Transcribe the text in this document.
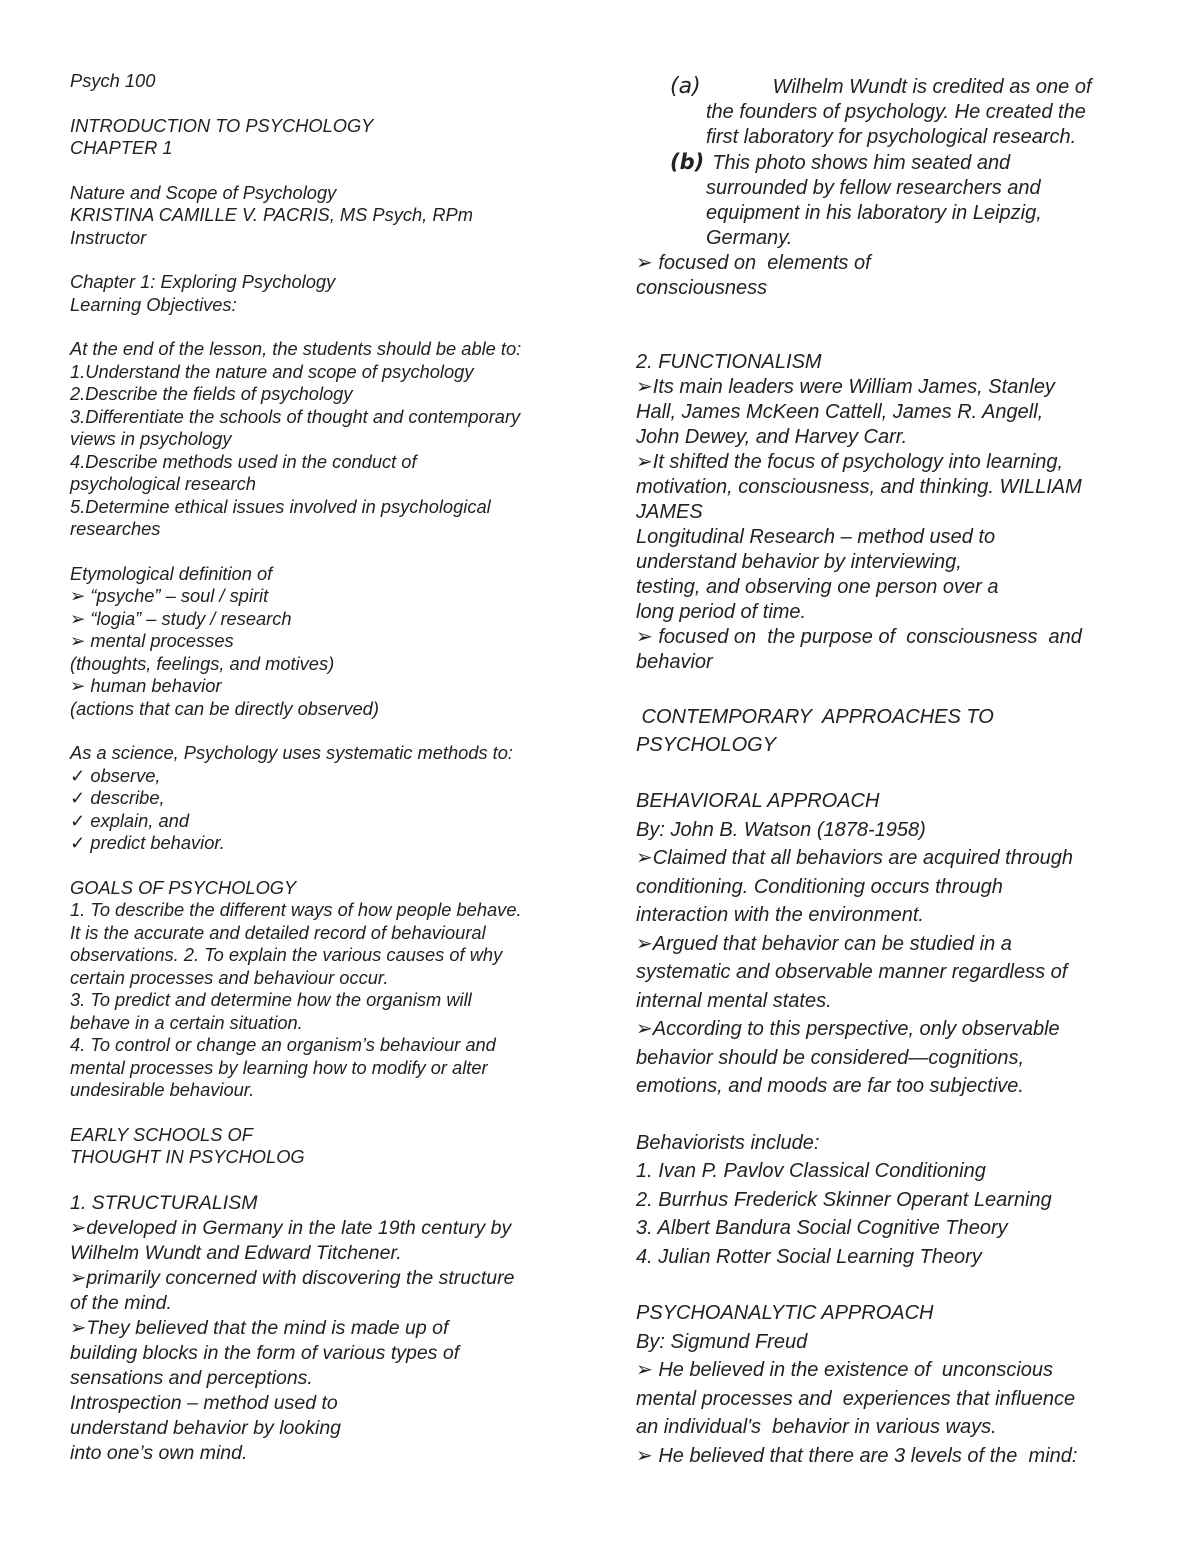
Psych 100
INTRODUCTION TO PSYCHOLOGY
CHAPTER 1
Nature and Scope of Psychology
KRISTINA CAMILLE V. PACRIS, MS Psych, RPm
Instructor
Chapter 1: Exploring Psychology
Learning Objectives:
At the end of the lesson, the students should be able to:
1.Understand the nature and scope of psychology
2.Describe the fields of psychology
3.Differentiate the schools of thought and contemporary
views in psychology
4.Describe methods used in the conduct of
psychological research
5.Determine ethical issues involved in psychological
researches
Etymological definition of
➢ “psyche” – soul / spirit
➢ “logia” – study / research
➢ mental processes
(thoughts, feelings, and motives)
➢ human behavior
(actions that can be directly observed)
As a science, Psychology uses systematic methods to:
✓ observe,
✓ describe,
✓ explain, and
✓ predict behavior.
GOALS OF PSYCHOLOGY
1. To describe the different ways of how people behave.
It is the accurate and detailed record of behavioural
observations. 2. To explain the various causes of why
certain processes and behaviour occur.
3. To predict and determine how the organism will
behave in a certain situation.
4. To control or change an organism’s behaviour and
mental processes by learning how to modify or alter
undesirable behaviour.
EARLY SCHOOLS OF
THOUGHT IN PSYCHOLOG
1. STRUCTURALISM
➢developed in Germany in the late 19th century by
Wilhelm Wundt and Edward Titchener.
➢primarily concerned with discovering the structure
of the mind.
➢They believed that the mind is made up of
building blocks in the form of various types of
sensations and perceptions.
Introspection – method used to
understand behavior by looking
into one’s own mind.
(a)	Wilhelm Wundt is credited as one of
the founders of psychology. He created the
first laboratory for psychological research.
(b) This photo shows him seated and
surrounded by fellow researchers and
equipment in his laboratory in Leipzig,
Germany.
➢ focused on  elements of
consciousness
2. FUNCTIONALISM
➢Its main leaders were William James, Stanley
Hall, James McKeen Cattell, James R. Angell,
John Dewey, and Harvey Carr.
➢It shifted the focus of psychology into learning,
motivation, consciousness, and thinking. WILLIAM
JAMES
Longitudinal Research – method used to
understand behavior by interviewing,
testing, and observing one person over a
long period of time.
➢ focused on  the purpose of  consciousness  and
behavior
CONTEMPORARY  APPROACHES TO
PSYCHOLOGY
BEHAVIORAL APPROACH
By: John B. Watson (1878-1958)
➢Claimed that all behaviors are acquired through
conditioning. Conditioning occurs through
interaction with the environment.
➢Argued that behavior can be studied in a
systematic and observable manner regardless of
internal mental states.
➢According to this perspective, only observable
behavior should be considered—cognitions,
emotions, and moods are far too subjective.
Behaviorists include:
1. Ivan P. Pavlov Classical Conditioning
2. Burrhus Frederick Skinner Operant Learning
3. Albert Bandura Social Cognitive Theory
4. Julian Rotter Social Learning Theory
PSYCHOANALYTIC APPROACH
By: Sigmund Freud
➢ He believed in the existence of  unconscious
mental processes and  experiences that influence
an individual's  behavior in various ways.
➢ He believed that there are 3 levels of the  mind:
